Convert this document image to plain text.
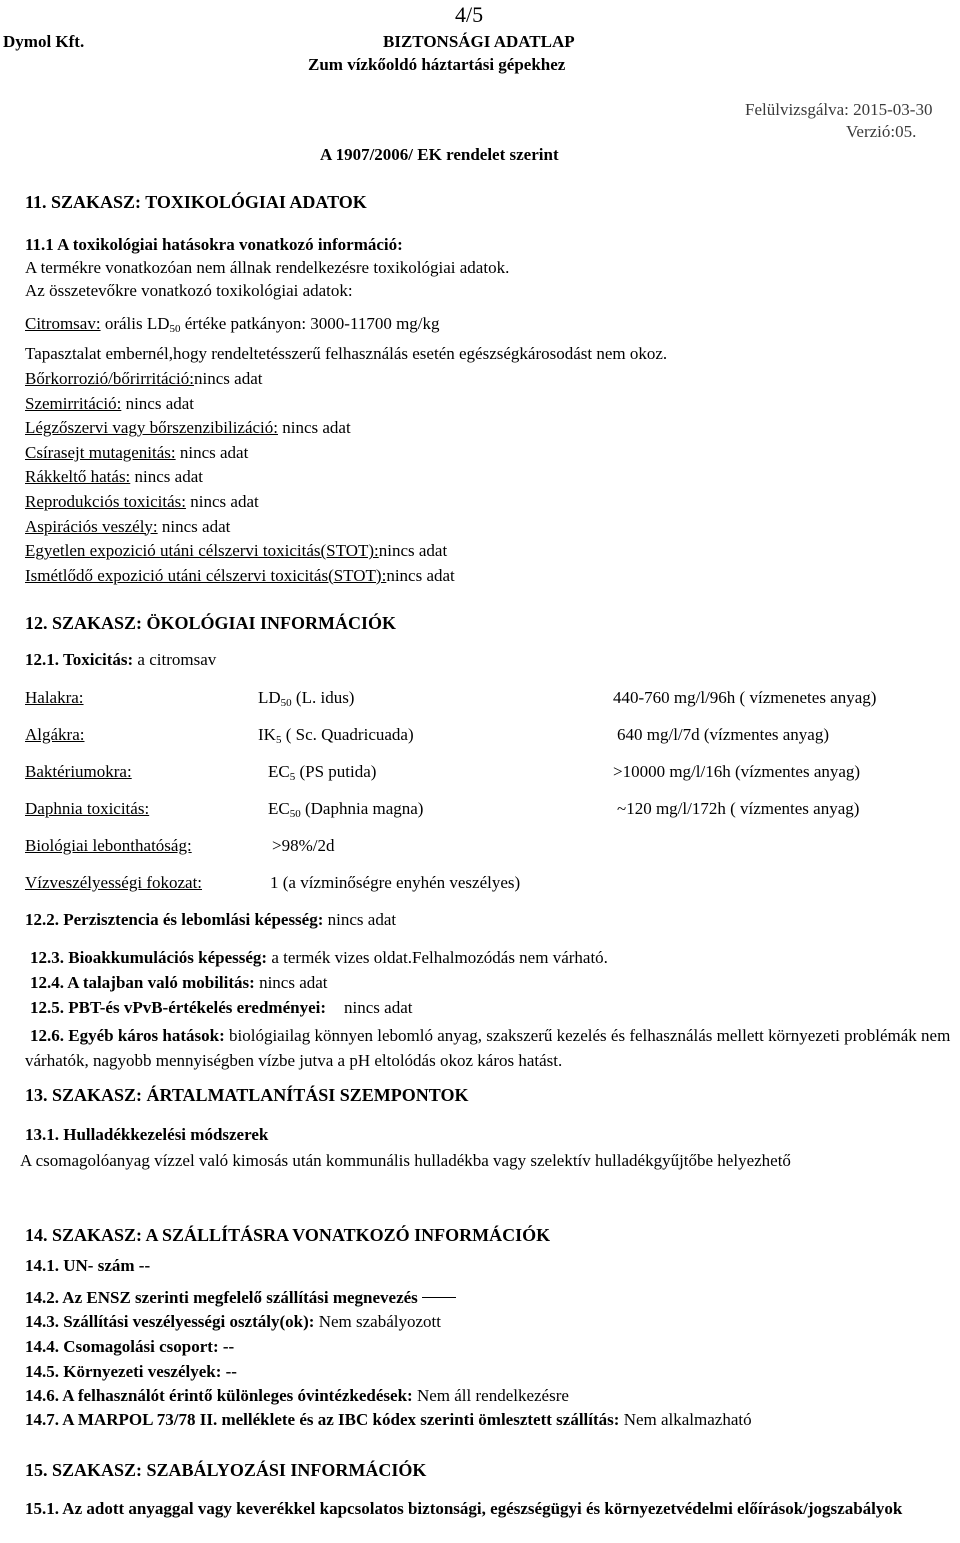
4/5
Dymol Kft.	BIZTONSÁGI ADATLAP
Zum vízkőoldó háztartási gépekhez
Felülvizsgálva: 2015-03-30
Verzió:05.
A 1907/2006/ EK rendelet szerint
11. SZAKASZ: TOXIKOLÓGIAI ADATOK
11.1 A toxikológiai hatásokra vonatkozó információ:
A termékre vonatkozóan nem állnak rendelkezésre toxikológiai adatok.
Az összetevőkre vonatkozó toxikológiai adatok:
Citromsav: orális $LD_{50}$ értéke patkányon: 3000-11700 mg/kg
Tapasztalat embernél,hogy rendeltetésszerű felhasználás esetén egészségkárosodást nem okoz.
Bőrkorrozió/bőrirritáció:nincs adat
Szemirritáció: nincs adat
Légzőszervi vagy bőrszenzibilizáció: nincs adat
Csírasejt mutagenitás: nincs adat
Rákkeltő hatás: nincs adat
Reprodukciós toxicitás: nincs adat
Aspirációs veszély: nincs adat
Egyetlen expozició utáni célszervi toxicitás(STOT):nincs adat
Ismétlődő expozició utáni célszervi toxicitás(STOT):nincs adat
12. SZAKASZ: ÖKOLÓGIAI INFORMÁCIÓK
12.1. Toxicitás: a citromsav
Halakra:	$LD_{50}$ (L. idus)	440-760 mg/l/96h ( vízmenetes anyag)
Algákra:	$IK_5$ ( Sc. Quadricuada)	640 mg/l/7d (vízmentes anyag)
Baktériumokra:	$EC_5$ (PS putida)	>10000 mg/l/16h (vízmentes anyag)
Daphnia toxicitás:	$EC_{50}$ (Daphnia magna)	~120 mg/l/172h ( vízmentes anyag)
Biológiai lebonthatóság:	>98%/2d
Vízveszélyességi fokozat:	1 (a vízminőségre enyhén veszélyes)
12.2. Perzisztencia és lebomlási képesség: nincs adat
12.3. Bioakkumulációs képesség: a termék vizes oldat.Felhalmozódás nem várható.
12.4. A talajban való mobilitás: nincs adat
12.5. PBT-és vPvB-értékelés eredményei: nincs adat
12.6. Egyéb káros hatások: biológiailag könnyen lebomló anyag, szakszerű kezelés és felhasználás mellett környezeti problémák nem várhatók, nagyobb mennyiségben vízbe jutva a pH eltolódás okoz káros hatást.
13. SZAKASZ: ÁRTALMATLANÍTÁSI SZEMPONTOK
13.1. Hulladékkezelési módszerek
A csomagolóanyag vízzel való kimosás után kommunális hulladékba vagy szelektív hulladékgyűjtőbe helyezhető
14. SZAKASZ: A SZÁLLÍTÁSRA VONATKOZÓ INFORMÁCIÓK
14.1. UN- szám --
14.2. Az ENSZ szerinti megfelelő szállítási megnevezés
14.3. Szállítási veszélyességi osztály(ok): Nem szabályozott
14.4. Csomagolási csoport: --
14.5. Környezeti veszélyek: --
14.6. A felhasználót érintő különleges óvintézkedések: Nem áll rendelkezésre
14.7. A MARPOL 73/78 II. melléklete és az IBC kódex szerinti ömlesztett szállítás: Nem alkalmazható
15. SZAKASZ: SZABÁLYOZÁSI INFORMÁCIÓK
15.1. Az adott anyaggal vagy keverékkel kapcsolatos biztonsági, egészségügyi és környezetvédelmi előírások/jogszabályok
